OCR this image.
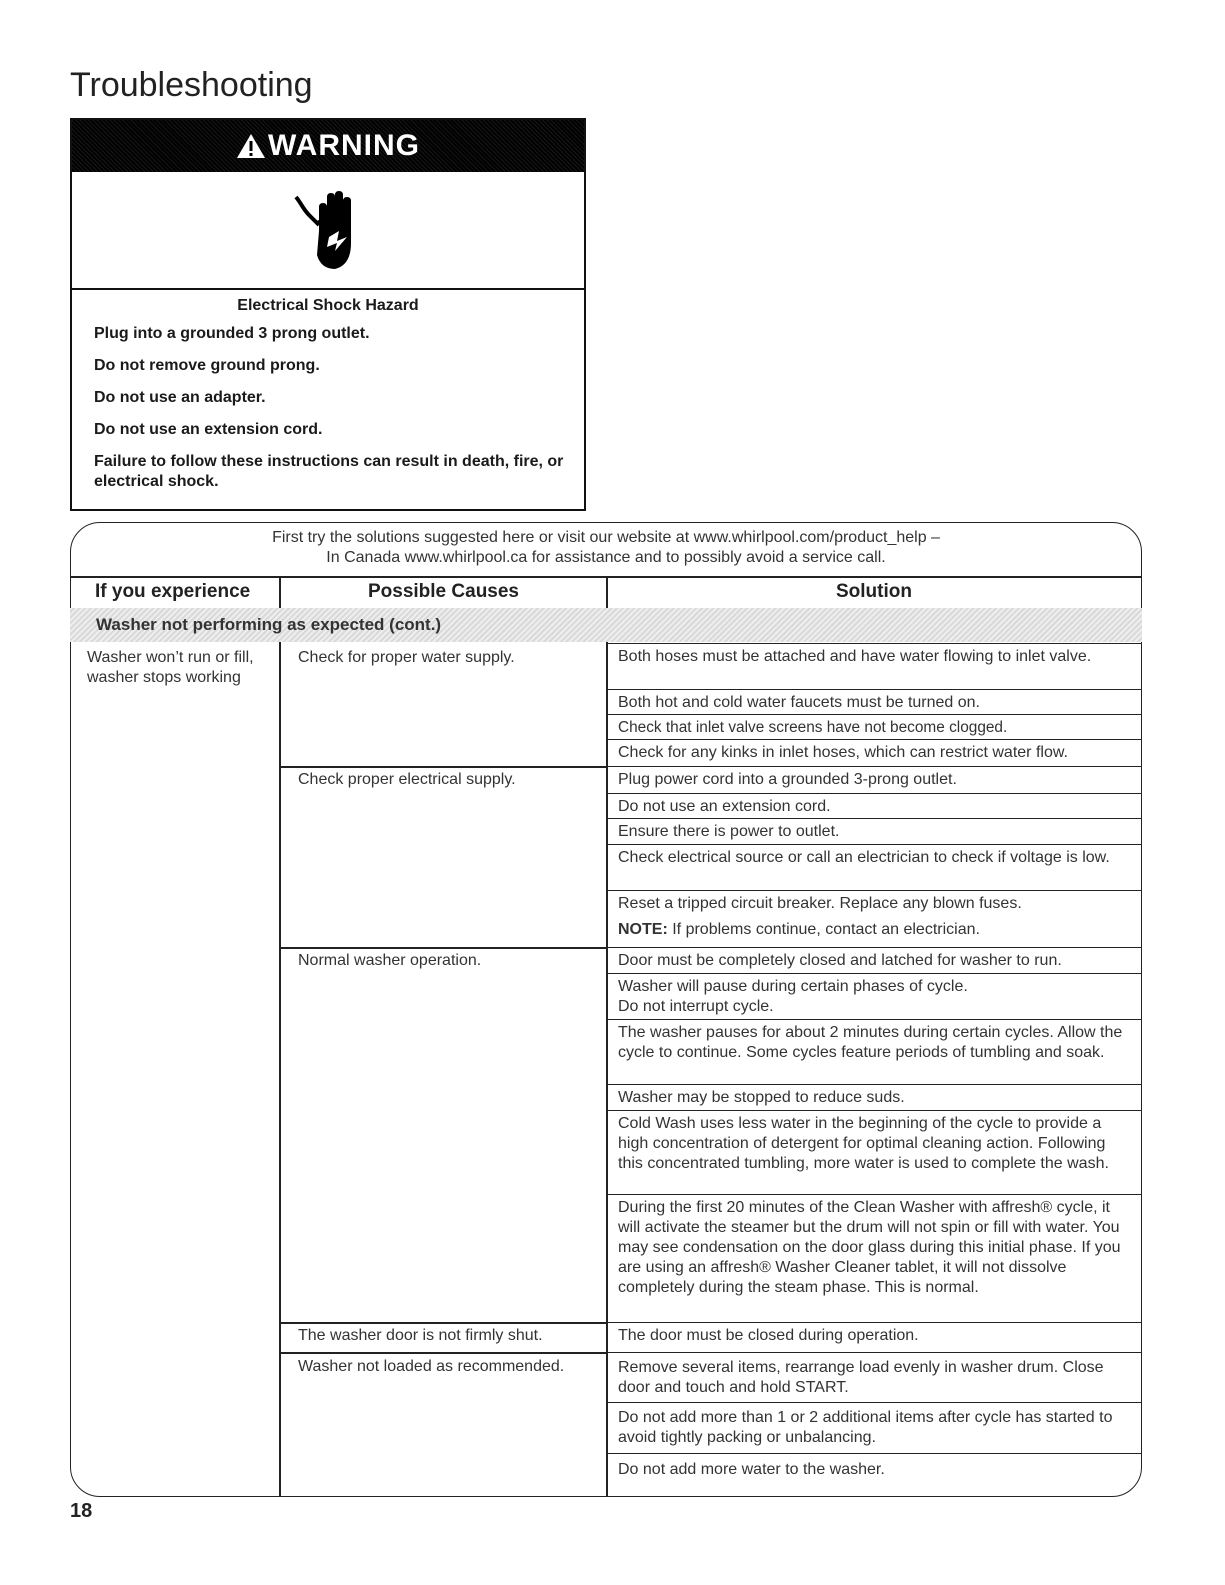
Troubleshooting
WARNING

Electrical Shock Hazard

Plug into a grounded 3 prong outlet.

Do not remove ground prong.

Do not use an adapter.

Do not use an extension cord.

Failure to follow these instructions can result in death, fire, or electrical shock.

First try the solutions suggested here or visit our website at www.whirlpool.com/product_help –
In Canada www.whirlpool.ca for assistance and to possibly avoid a service call.
If you experience	Possible Causes	Solution
Washer not performing as expected (cont.)
Washer won’t run or fill, washer stops working
Check for proper water supply.
Check proper electrical supply.
Normal washer operation.
The washer door is not firmly shut.
Washer not loaded as recommended.
Both hoses must be attached and have water flowing to inlet valve.
Both hot and cold water faucets must be turned on.
Check that inlet valve screens have not become clogged.
Check for any kinks in inlet hoses, which can restrict water flow.
Plug power cord into a grounded 3-prong outlet.
Do not use an extension cord.
Ensure there is power to outlet.
Check electrical source or call an electrician to check if voltage is low.
Reset a tripped circuit breaker. Replace any blown fuses.
NOTE: If problems continue, contact an electrician.
Door must be completely closed and latched for washer to run.
Washer will pause during certain phases of cycle.
Do not interrupt cycle.
The washer pauses for about 2 minutes during certain cycles. Allow the cycle to continue. Some cycles feature periods of tumbling and soak.
Washer may be stopped to reduce suds.
Cold Wash uses less water in the beginning of the cycle to provide a high concentration of detergent for optimal cleaning action. Following this concentrated tumbling, more water is used to complete the wash.
During the first 20 minutes of the Clean Washer with affresh® cycle, it will activate the steamer but the drum will not spin or fill with water. You may see condensation on the door glass during this initial phase. If you are using an affresh® Washer Cleaner tablet, it will not dissolve completely during the steam phase. This is normal.
The door must be closed during operation.
Remove several items, rearrange load evenly in washer drum. Close door and touch and hold START.
Do not add more than 1 or 2 additional items after cycle has started to avoid tightly packing or unbalancing.
Do not add more water to the washer.
18
